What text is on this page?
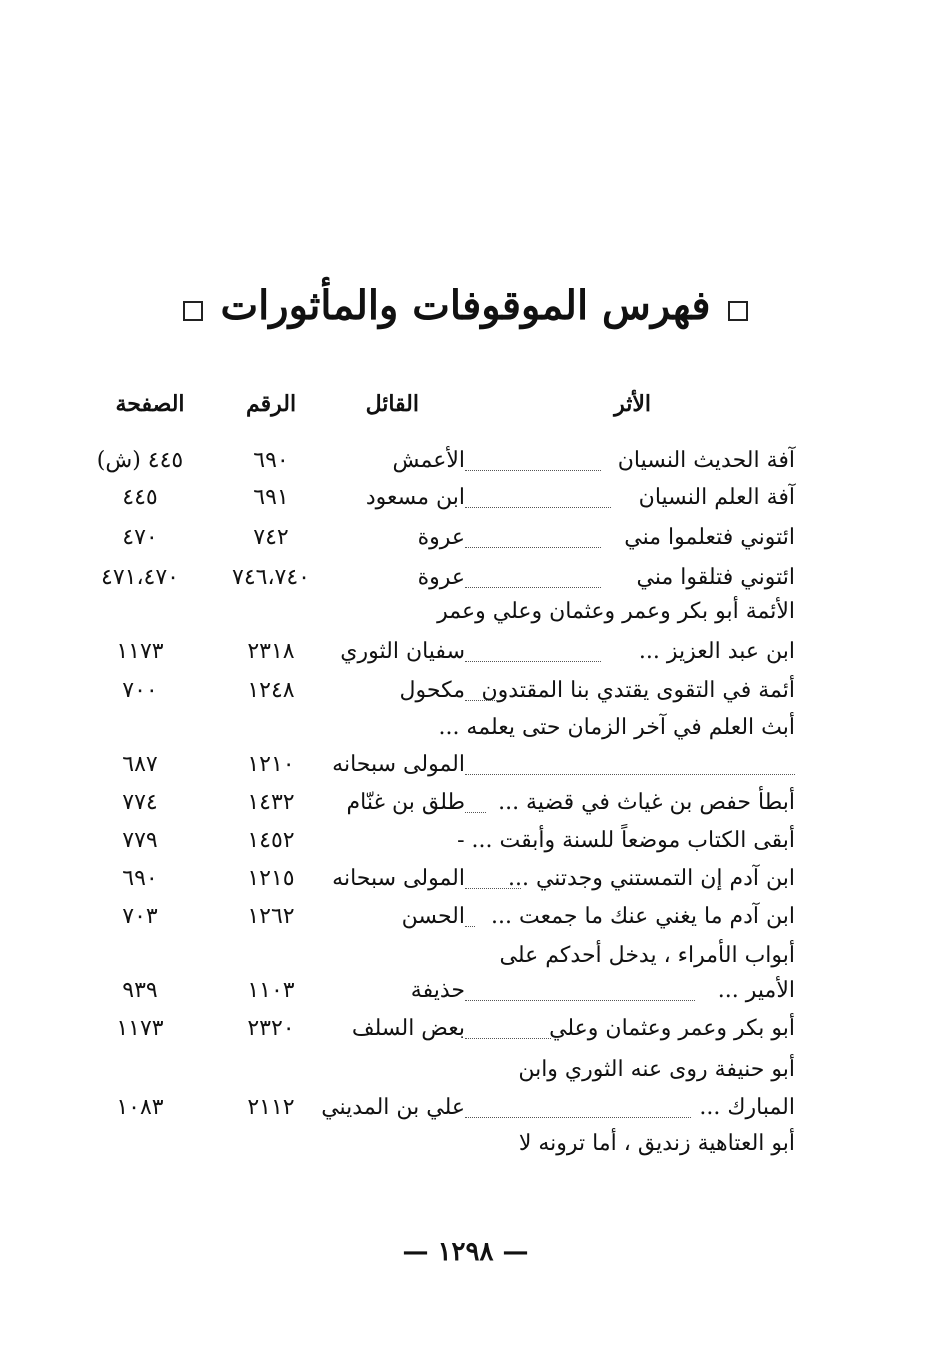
فهرس الموقوفات والمأثورات
الأثر
القائل
الرقم
الصفحة
آفة الحديث النسيان
الأعمش
٦٩٠
٤٤٥ (ش)
آفة العلم النسيان
ابن مسعود
٦٩١
٤٤٥
ائتوني فتعلموا مني
عروة
٧٤٢
٤٧٠
ائتوني فتلقوا مني
عروة
٧٤٦،٧٤٠
٤٧١،٤٧٠
الأئمة أبو بكر وعمر وعثمان وعلي وعمر
ابن عبد العزيز ...
سفيان الثوري
٢٣١٨
١١٧٣
أئمة في التقوى يقتدي بنا المقتدون
مكحول
١٢٤٨
٧٠٠
أبث العلم في آخر الزمان حتى يعلمه ...
المولى سبحانه
١٢١٠
٦٨٧
أبطأ حفص بن غياث في قضية ...
طلق بن غنّام
١٤٣٢
٧٧٤
أبقى الكتاب موضعاً للسنة وأبقت ... -
١٤٥٢
٧٧٩
ابن آدم إن التمستني وجدتني ...
المولى سبحانه
١٢١٥
٦٩٠
ابن آدم ما يغني عنك ما جمعت ...
الحسن
١٢٦٢
٧٠٣
أبواب الأمراء ، يدخل أحدكم على
الأمير ...
حذيفة
١١٠٣
٩٣٩
أبو بكر وعمر وعثمان وعلي
بعض السلف
٢٣٢٠
١١٧٣
أبو حنيفة روى عنه الثوري وابن
المبارك ...
علي بن المديني
٢١١٢
١٠٨٣
أبو العتاهية زنديق ، أما ترونه لا
— ١٢٩٨ —
